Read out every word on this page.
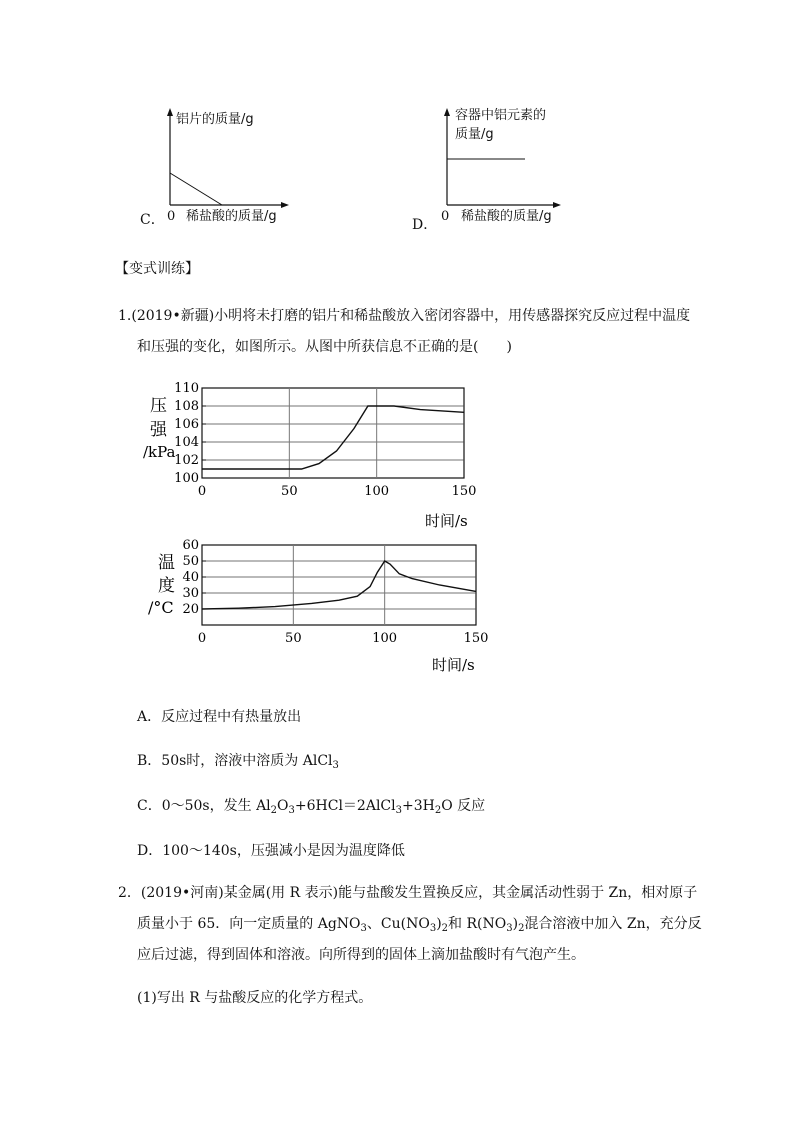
C． 0
铝片的质量/g
稀盐酸的质量/g
D．
0
容器中铝元素的
质量/g
稀盐酸的质量/g
【变式训练】
1.(2019•新疆)小明将未打磨的铝片和稀盐酸放入密闭容器中，用传感器探究反应过程中温度
和压强的变化，如图所示。从图中所获信息不正确的是(　　)
0	50	100	150
100
102
104
106
108
110
压
强
/kPa
时间/s
0	50	100	150
20
30
40
50
60
温
度
/°C
时间/s
A．反应过程中有热量放出
B．50s时，溶液中溶质为 AlCl$_3$
C．0～50s，发生 $Al_2O_3+6HCl=2AlCl_3+3H_2O$ 反应
D．100～140s，压强减小是因为温度降低
2．(2019•河南)某金属(用 R 表示)能与盐酸发生置换反应，其金属活动性弱于 Zn，相对原子
质量小于 65．向一定质量的 AgNO$_3$、$Cu(NO_3)_2$和 $R(NO_3)_2$混合溶液中加入 Zn，充分反
应后过滤，得到固体和溶液。向所得到的固体上滴加盐酸时有气泡产生。
(1)写出 R 与盐酸反应的化学方程式。
